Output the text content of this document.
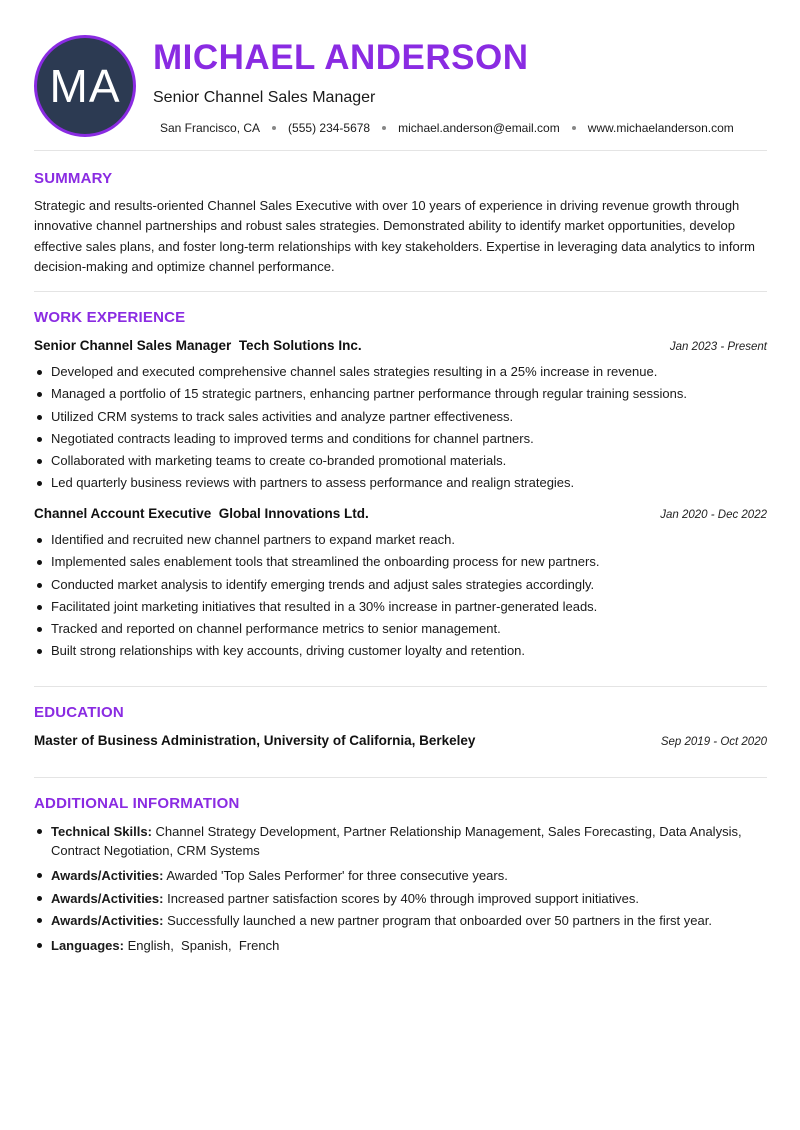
MA
MICHAEL ANDERSON
Senior Channel Sales Manager
San Francisco, CA (555) 234-5678 michael.anderson@email.com www.michaelanderson.com
SUMMARY

Strategic and results-oriented Channel Sales Executive with over 10 years of experience in driving revenue growth through innovative channel partnerships and robust sales strategies. Demonstrated ability to identify market opportunities, develop effective sales plans, and foster long-term relationships with key stakeholders. Expertise in leveraging data analytics to inform decision-making and optimize channel performance.

WORK EXPERIENCE
Senior Channel Sales Manager  Tech Solutions Inc.	Jan 2023 - Present
Developed and executed comprehensive channel sales strategies resulting in a 25% increase in revenue.
Managed a portfolio of 15 strategic partners, enhancing partner performance through regular training sessions.
Utilized CRM systems to track sales activities and analyze partner effectiveness.
Negotiated contracts leading to improved terms and conditions for channel partners.
Collaborated with marketing teams to create co-branded promotional materials.
Led quarterly business reviews with partners to assess performance and realign strategies.
Channel Account Executive  Global Innovations Ltd.	Jan 2020 - Dec 2022
Identified and recruited new channel partners to expand market reach.
Implemented sales enablement tools that streamlined the onboarding process for new partners.
Conducted market analysis to identify emerging trends and adjust sales strategies accordingly.
Facilitated joint marketing initiatives that resulted in a 30% increase in partner-generated leads.
Tracked and reported on channel performance metrics to senior management.
Built strong relationships with key accounts, driving customer loyalty and retention.
EDUCATION
Master of Business Administration, University of California, Berkeley	Sep 2019 - Oct 2020
ADDITIONAL INFORMATION
Technical Skills: Channel Strategy Development, Partner Relationship Management, Sales Forecasting, Data Analysis, Contract Negotiation, CRM Systems
Awards/Activities: Awarded 'Top Sales Performer' for three consecutive years.
Awards/Activities: Increased partner satisfaction scores by 40% through improved support initiatives.
Awards/Activities: Successfully launched a new partner program that onboarded over 50 partners in the first year.
Languages: English,  Spanish,  French
